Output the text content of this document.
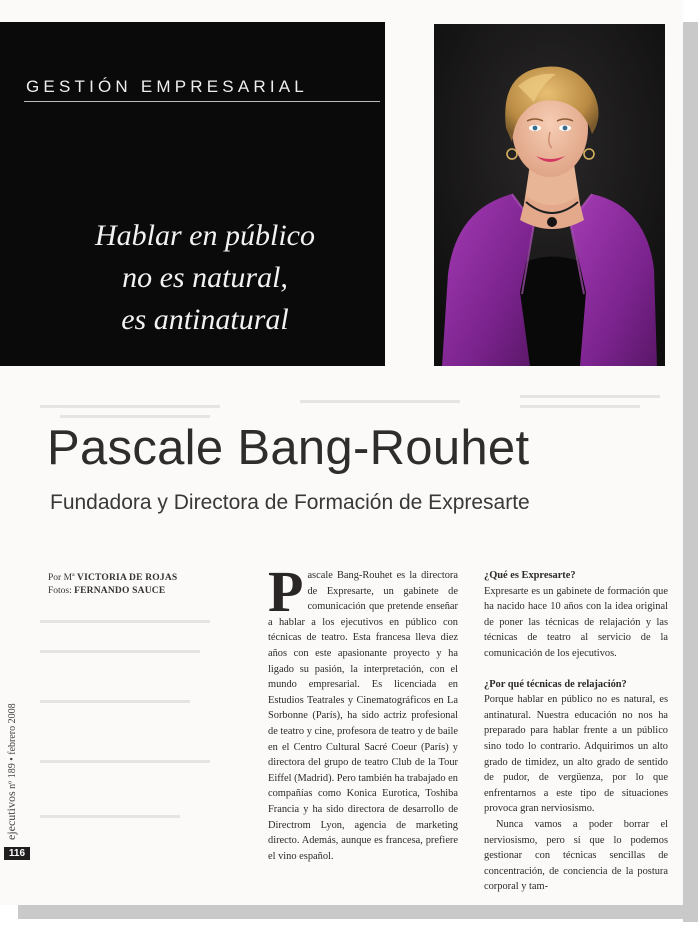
GESTIÓN EMPRESARIAL
Hablar en público
no es natural,
es antinatural
Pascale Bang-Rouhet
Fundadora y Directora de Formación de Expresarte
Por Mª VICTORIA DE ROJAS
Fotos: FERNANDO SAUCE
ejecutivos nº 189 • febrero 2008
116

Pascale Bang-Rouhet es la directora de Expresarte, un gabinete de comunicación que pretende enseñar a hablar a los ejecutivos en público con técnicas de teatro. Esta francesa lleva diez años con este apasionante proyecto y ha ligado su pasión, la interpretación, con el mundo empresarial. Es licenciada en Estudios Teatrales y Cinematográficos en La Sorbonne (París), ha sido actriz profesional de teatro y cine, profesora de teatro y de baile en el Centro Cultural Sacré Coeur (París) y directora del grupo de teatro Club de la Tour Eiffel (Madrid). Pero también ha trabajado en compañías como Konica Eurotica, Toshiba Francia y ha sido directora de desarrollo de Directrom Lyon, agencia de marketing directo. Además, aunque es francesa, prefiere el vino español.

¿Qué es Expresarte?

Expresarte es un gabinete de formación que ha nacido hace 10 años con la idea original de poner las técnicas de relajación y las técnicas de teatro al servicio de la comunicación de los ejecutivos.

¿Por qué técnicas de relajación?

Porque hablar en público no es natural, es antinatural. Nuestra educación no nos ha preparado para hablar frente a un público sino todo lo contrario. Adquirimos un alto grado de timidez, un alto grado de sentido de pudor, de vergüenza, por lo que enfrentarnos a este tipo de situaciones provoca gran nerviosismo.

Nunca vamos a poder borrar el nerviosismo, pero sí que lo podemos gestionar con técnicas sencillas de concentración, de conciencia de la postura corporal y tam-
